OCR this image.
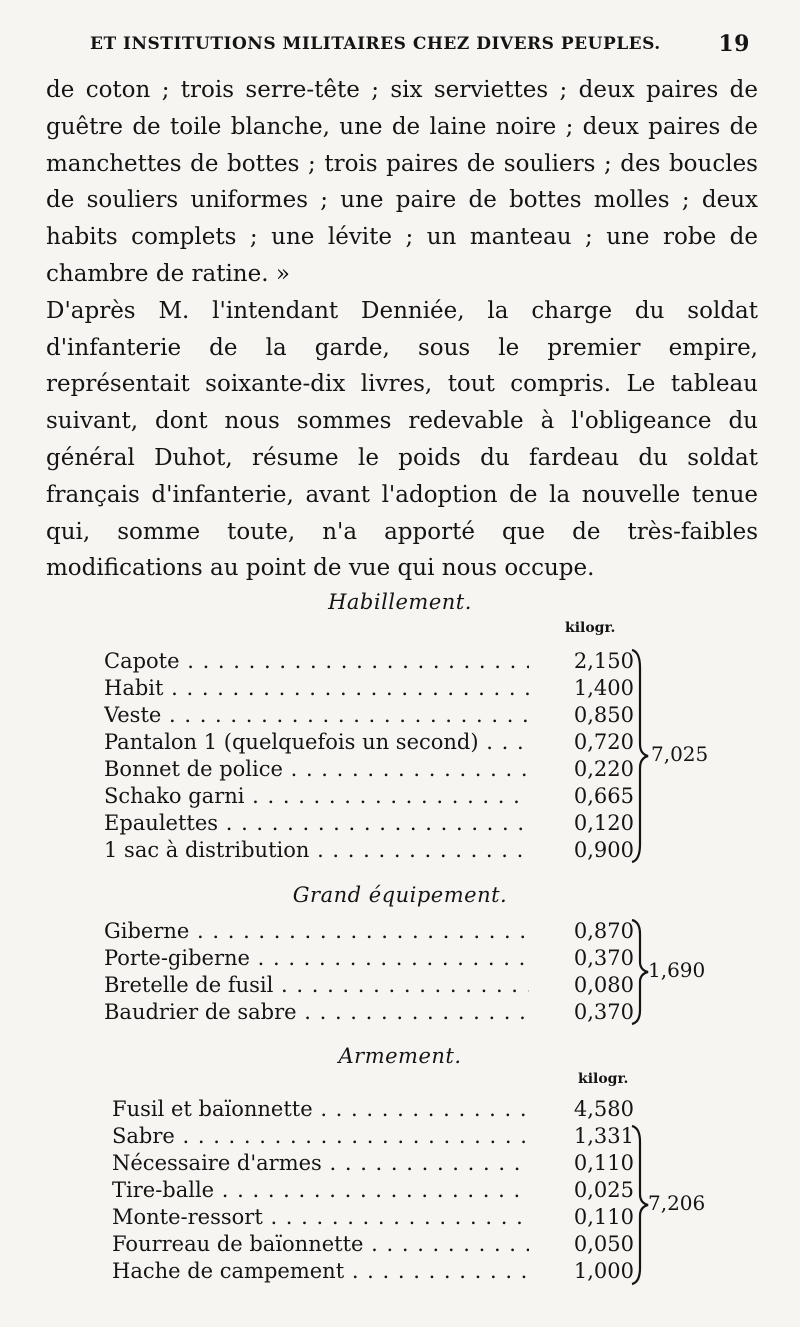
ET INSTITUTIONS MILITAIRES CHEZ DIVERS PEUPLES.	19

de coton ; trois serre-tête ; six serviettes ; deux paires de guêtre de toile blanche, une de laine noire ; deux paires de manchettes de bottes ; trois paires de souliers ; des boucles de souliers uniformes ; une paire de bottes molles ; deux habits complets ; une lévite ; un manteau ; une robe de chambre de ratine. »

D'après M. l'intendant Denniée, la charge du soldat d'infanterie de la garde, sous le premier empire, représentait soixante-dix livres, tout compris. Le tableau suivant, dont nous sommes redevable à l'obligeance du général Duhot, résume le poids du fardeau du soldat français d'infanterie, avant l'adoption de la nouvelle tenue qui, somme toute, n'a apporté que de très-faibles modifications au point de vue qui nous occupe.

Habillement.
kilogr.
Capote . . .	2,150
Habit . . .	1,400
Veste . . .	0,850
Pantalon 1 (quelquefois un second) . . .	0,720
Bonnet de police . . .	0,220
Schako garni . . .	0,665
Epaulettes . . .	0,120
1 sac à distribution . . .	0,900
7,025
Grand équipement.
Giberne . . .	0,870
Porte-giberne . . .	0,370
Bretelle de fusil . . .	0,080
Baudrier de sabre . . .	0,370
1,690
Armement.
kilogr.
Fusil et baïonnette . . .	4,580
Sabre . . .	1,331
Nécessaire d'armes . . .	0,110
Tire-balle . . .	0,025
Monte-ressort . . .	0,110
Fourreau de baïonnette . . .	0,050
Hache de campement . . .	1,000
7,206
